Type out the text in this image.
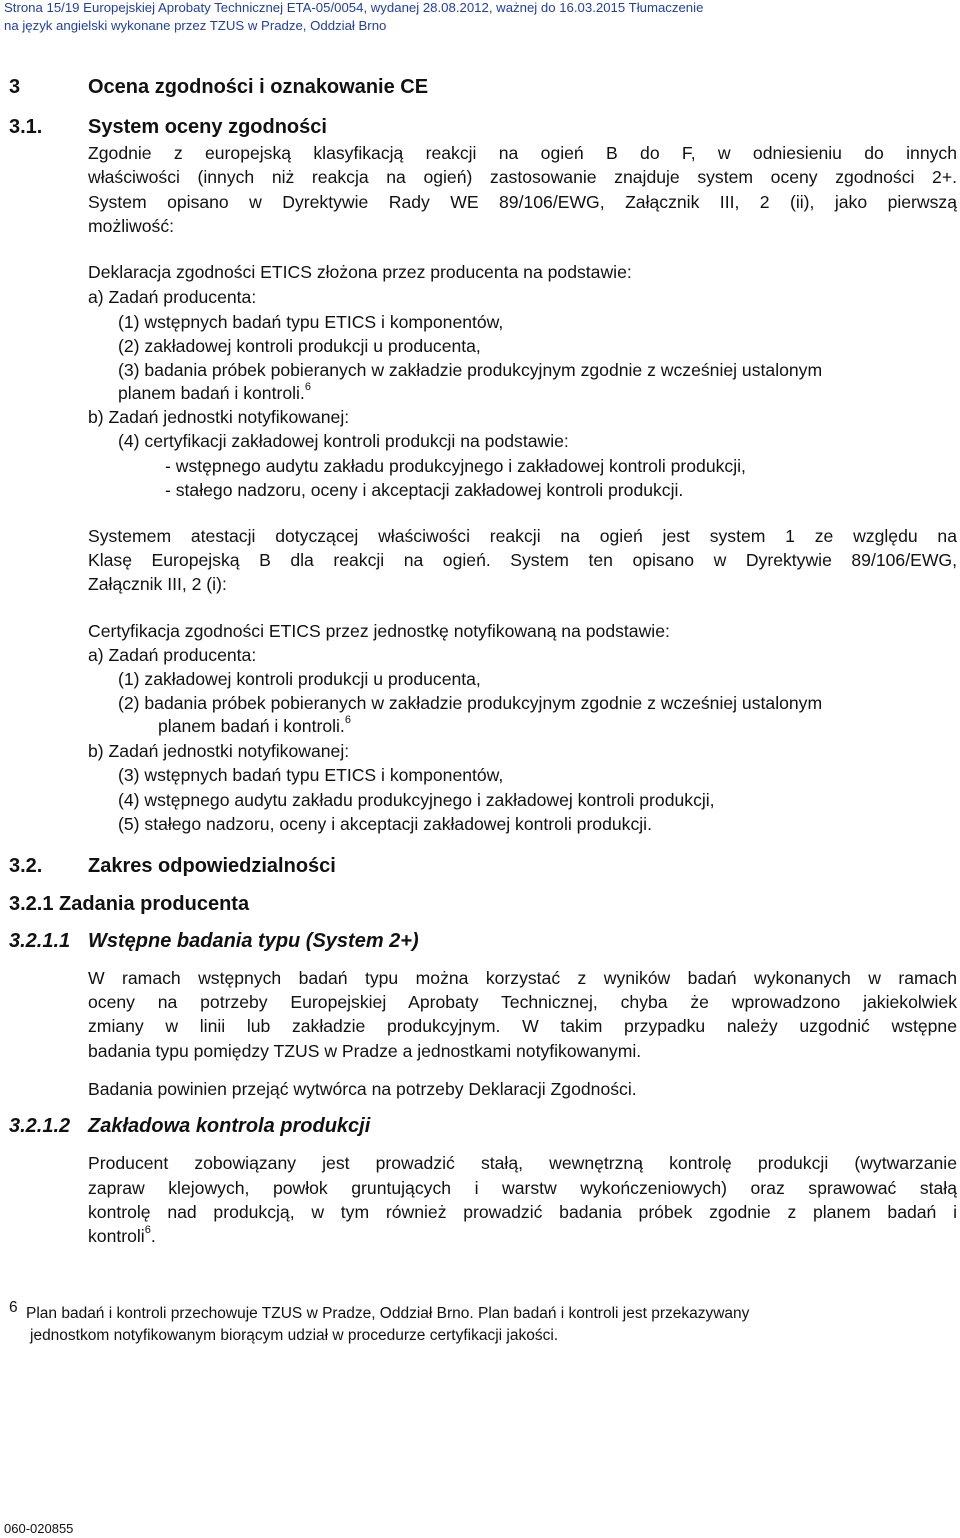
Strona 15/19 Europejskiej Aprobaty Technicznej ETA-05/0054, wydanej 28.08.2012, ważnej do 16.03.2015 Tłumaczenie
na język angielski wykonane przez TZUS w Pradze, Oddział Brno
3	Ocena zgodności i oznakowanie CE
3.1. System oceny zgodności
Zgodnie z europejską klasyfikacją reakcji na ogień B do F, w odniesieniu do innych
właściwości (innych niż reakcja na ogień) zastosowanie znajduje system oceny zgodności 2+.
System opisano w Dyrektywie Rady WE 89/106/EWG, Załącznik III, 2 (ii), jako pierwszą
możliwość:
Deklaracja zgodności ETICS złożona przez producenta na podstawie:
a) Zadań producenta:
(1) wstępnych badań typu ETICS i komponentów,
(2) zakładowej kontroli produkcji u producenta,
(3) badania próbek pobieranych w zakładzie produkcyjnym zgodnie z wcześniej ustalonym
planem badań i kontroli.$^6$
b) Zadań jednostki notyfikowanej:
(4) certyfikacji zakładowej kontroli produkcji na podstawie:
- wstępnego audytu zakładu produkcyjnego i zakładowej kontroli produkcji,
- stałego nadzoru, oceny i akceptacji zakładowej kontroli produkcji.
Systemem atestacji dotyczącej właściwości reakcji na ogień jest system 1 ze względu na
Klasę Europejską B dla reakcji na ogień. System ten opisano w Dyrektywie 89/106/EWG,
Załącznik III, 2 (i):
Certyfikacja zgodności ETICS przez jednostkę notyfikowaną na podstawie:
a) Zadań producenta:
(1) zakładowej kontroli produkcji u producenta,
(2) badania próbek pobieranych w zakładzie produkcyjnym zgodnie z wcześniej ustalonym
planem badań i kontroli.$^6$
b) Zadań jednostki notyfikowanej:
(3) wstępnych badań typu ETICS i komponentów,
(4) wstępnego audytu zakładu produkcyjnego i zakładowej kontroli produkcji,
(5) stałego nadzoru, oceny i akceptacji zakładowej kontroli produkcji.
3.2. Zakres odpowiedzialności
3.2.1 Zadania producenta
3.2.1.1 Wstępne badania typu (System 2+)
W ramach wstępnych badań typu można korzystać z wyników badań wykonanych w ramach
oceny na potrzeby Europejskiej Aprobaty Technicznej, chyba że wprowadzono jakiekolwiek
zmiany w linii lub zakładzie produkcyjnym. W takim przypadku należy uzgodnić wstępne
badania typu pomiędzy TZUS w Pradze a jednostkami notyfikowanymi.
Badania powinien przejąć wytwórca na potrzeby Deklaracji Zgodności.
3.2.1.2 Zakładowa kontrola produkcji
Producent zobowiązany jest prowadzić stałą, wewnętrzną kontrolę produkcji (wytwarzanie
zapraw klejowych, powłok gruntujących i warstw wykończeniowych) oraz sprawować stałą
kontrolę nad produkcją, w tym również prowadzić badania próbek zgodnie z planem badań i
kontroli$^6$.
6 Plan badań i kontroli przechowuje TZUS w Pradze, Oddział Brno. Plan badań i kontroli jest przekazywany
jednostkom notyfikowanym biorącym udział w procedurze certyfikacji jakości.
060-020855
